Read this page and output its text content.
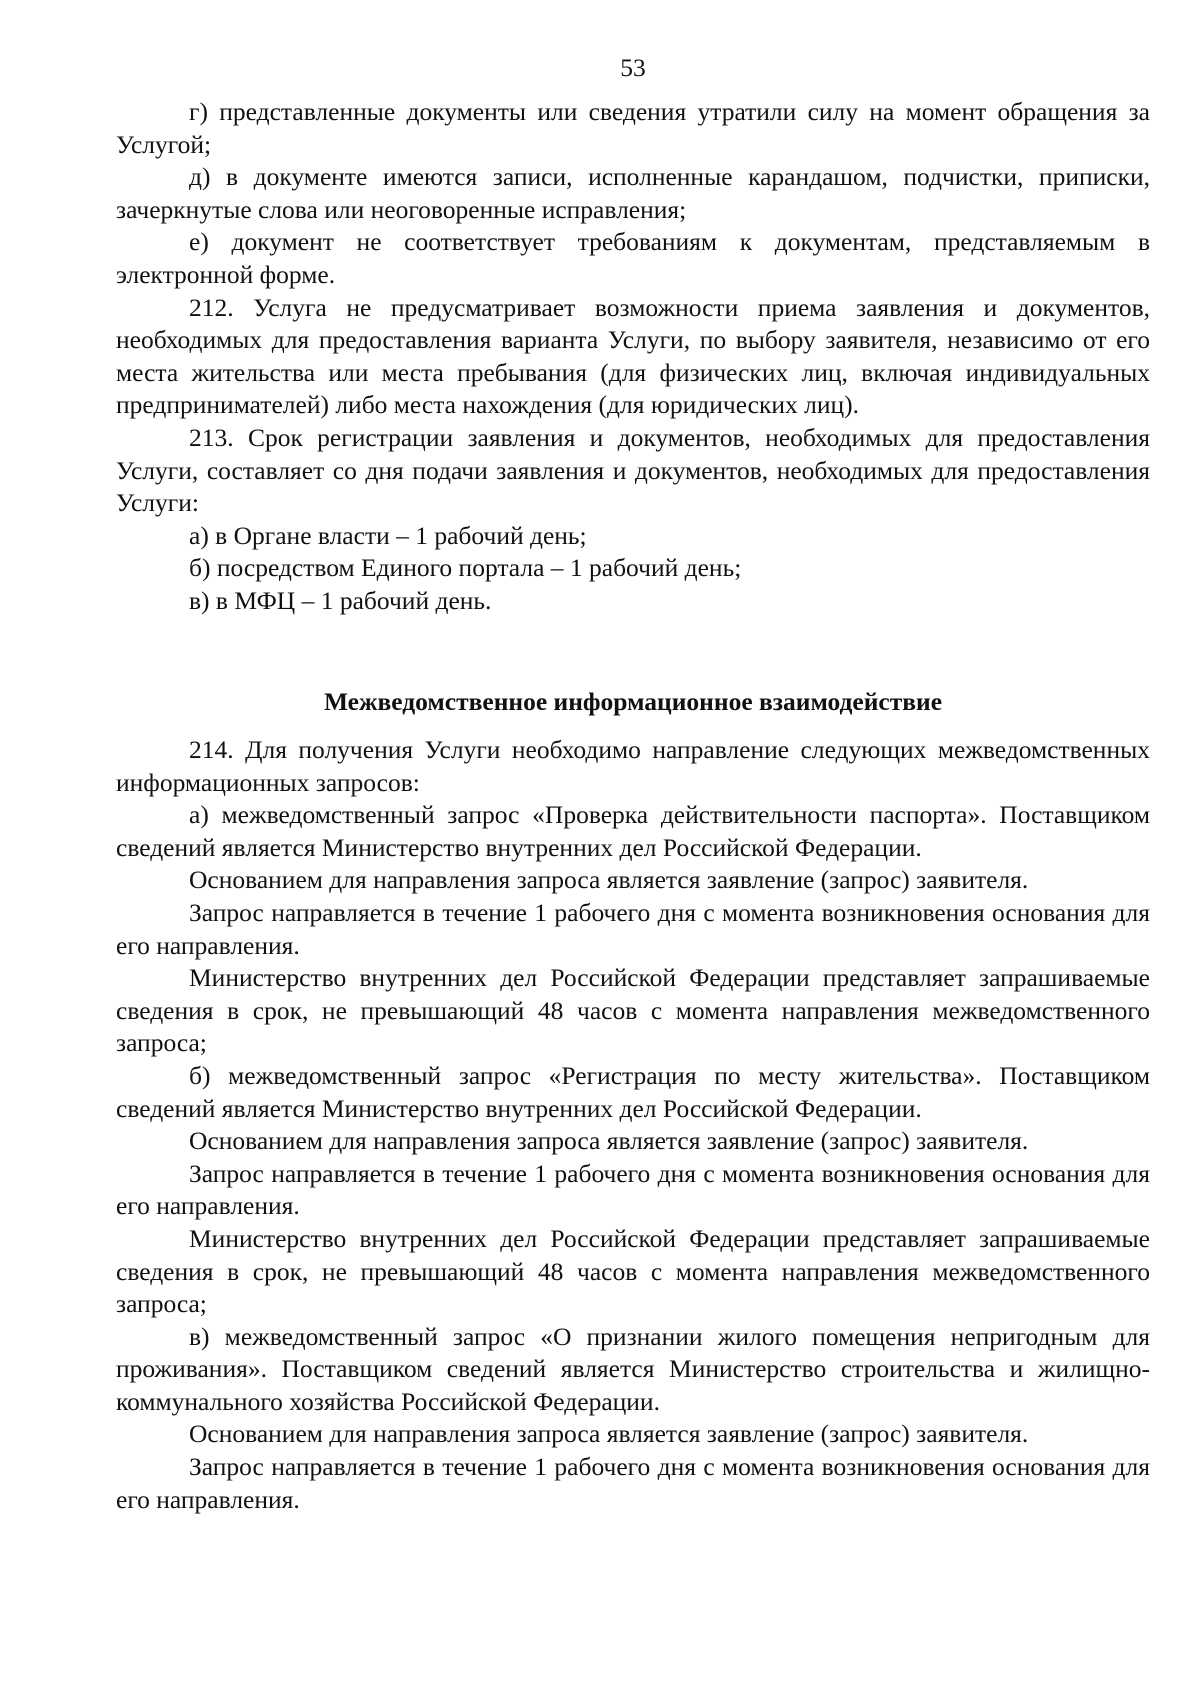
53

г) представленные документы или сведения утратили силу на момент обращения за Услугой;

д) в документе имеются записи, исполненные карандашом, подчистки, приписки, зачеркнутые слова или неоговоренные исправления;

е) документ не соответствует требованиям к документам, представляемым в электронной форме.

212. Услуга не предусматривает возможности приема заявления и документов, необходимых для предоставления варианта Услуги, по выбору заявителя, независимо от его места жительства или места пребывания (для физических лиц, включая индивидуальных предпринимателей) либо места нахождения (для юридических лиц).

213. Срок регистрации заявления и документов, необходимых для предоставления Услуги, составляет со дня подачи заявления и документов, необходимых для предоставления Услуги:

а) в Органе власти – 1 рабочий день;

б) посредством Единого портала – 1 рабочий день;

в) в МФЦ – 1 рабочий день.

Межведомственное информационное взаимодействие

214. Для получения Услуги необходимо направление следующих межведомственных информационных запросов:

а) межведомственный запрос «Проверка действительности паспорта». Поставщиком сведений является Министерство внутренних дел Российской Федерации.

Основанием для направления запроса является заявление (запрос) заявителя.

Запрос направляется в течение 1 рабочего дня с момента возникновения основания для его направления.

Министерство внутренних дел Российской Федерации представляет запрашиваемые сведения в срок, не превышающий 48 часов с момента направления межведомственного запроса;

б) межведомственный запрос «Регистрация по месту жительства». Поставщиком сведений является Министерство внутренних дел Российской Федерации.

Основанием для направления запроса является заявление (запрос) заявителя.

Запрос направляется в течение 1 рабочего дня с момента возникновения основания для его направления.

Министерство внутренних дел Российской Федерации представляет запрашиваемые сведения в срок, не превышающий 48 часов с момента направления межведомственного запроса;

в) межведомственный запрос «О признании жилого помещения непригодным для проживания». Поставщиком сведений является Министерство строительства и жилищно-коммунального хозяйства Российской Федерации.

Основанием для направления запроса является заявление (запрос) заявителя.

Запрос направляется в течение 1 рабочего дня с момента возникновения основания для его направления.
